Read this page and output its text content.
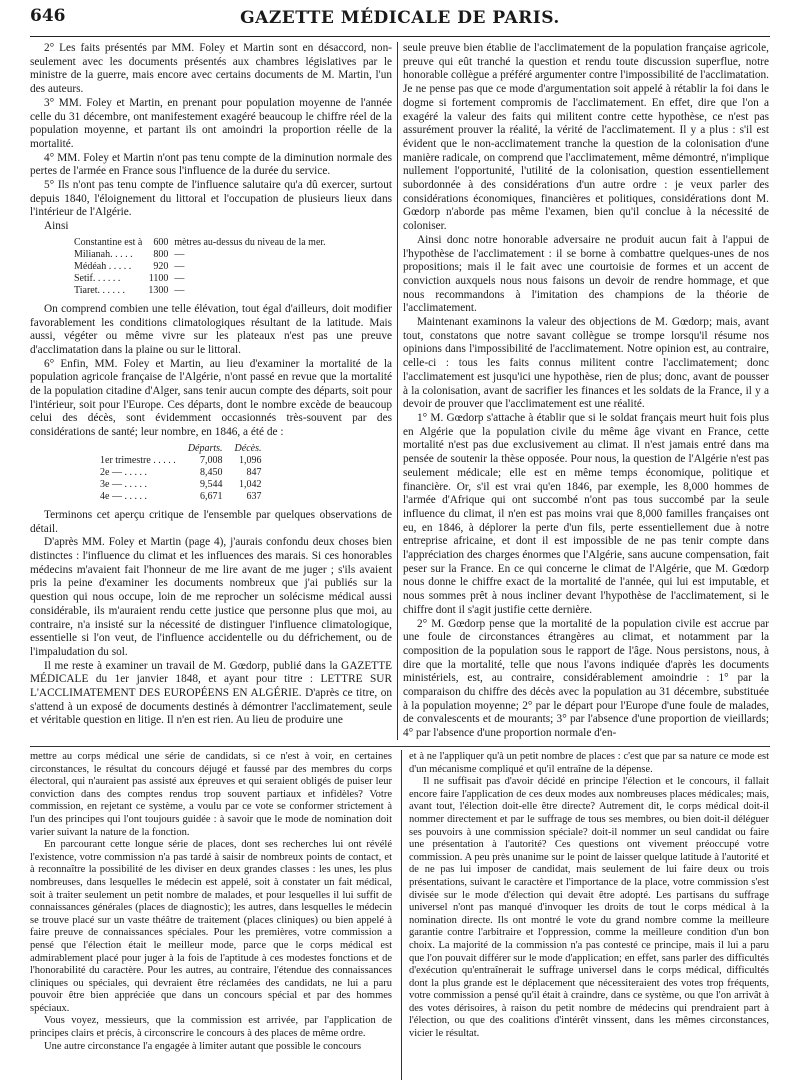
646	GAZETTE MÉDICALE DE PARIS.

2° Les faits présentés par MM. Foley et Martin sont en désaccord, non-seulement avec les documents présentés aux chambres législatives par le ministre de la guerre, mais encore avec certains documents de M. Martin, l'un des auteurs.

3° MM. Foley et Martin, en prenant pour population moyenne de l'année celle du 31 décembre, ont manifestement exagéré beaucoup le chiffre réel de la population moyenne, et partant ils ont amoindri la proportion réelle de la mortalité.

4° MM. Foley et Martin n'ont pas tenu compte de la diminution normale des pertes de l'armée en France sous l'influence de la durée du service.

5° Ils n'ont pas tenu compte de l'influence salutaire qu'a dû exercer, surtout depuis 1840, l'éloignement du littoral et l'occupation de plusieurs lieux dans l'intérieur de l'Algérie.

Ainsi

Constantine est à	600	mètres au-dessus du niveau de la mer.
Milianah. . . . .	800	—
Médéah . . . . .	920	—
Setif. . . . . .	1100	—
Tiaret. . . . . .	1300	—

On comprend combien une telle élévation, tout égal d'ailleurs, doit modifier favorablement les conditions climatologiques résultant de la latitude. Mais aussi, végéter ou même vivre sur les plateaux n'est pas une preuve d'acclimatation dans la plaine ou sur le littoral.

6° Enfin, MM. Foley et Martin, au lieu d'examiner la mortalité de la population agricole française de l'Algérie, n'ont passé en revue que la mortalité de la population citadine d'Alger, sans tenir aucun compte des départs, soit pour l'intérieur, soit pour l'Europe. Ces départs, dont le nombre excède de beaucoup celui des décès, sont évidemment occasionnés très-souvent par des considérations de santé; leur nombre, en 1846, a été de :

	Départs.	Décès.
1er trimestre . . . . .	7,008	1,096
2e — . . . . .	8,450	847
3e — . . . . .	9,544	1,042
4e — . . . . .	6,671	637

Terminons cet aperçu critique de l'ensemble par quelques observations de détail.

D'après MM. Foley et Martin (page 4), j'aurais confondu deux choses bien distinctes : l'influence du climat et les influences des marais. Si ces honorables médecins m'avaient fait l'honneur de me lire avant de me juger ; s'ils avaient pris la peine d'examiner les documents nombreux que j'ai publiés sur la question qui nous occupe, loin de me reprocher un solécisme médical aussi considérable, ils m'auraient rendu cette justice que personne plus que moi, au contraire, n'a insisté sur la nécessité de distinguer l'influence climatologique, essentielle si l'on veut, de l'influence accidentelle ou du défrichement, ou de l'impaludation du sol.

Il me reste à examiner un travail de M. Gœdorp, publié dans la GAZETTE MÉDICALE du 1er janvier 1848, et ayant pour titre : LETTRE SUR L'ACCLIMATEMENT DES EUROPÉENS EN ALGÉRIE. D'après ce titre, on s'attend à un exposé de documents destinés à démontrer l'acclimatement, seule et véritable question en litige. Il n'en est rien. Au lieu de produire une

seule preuve bien établie de l'acclimatement de la population française agricole, preuve qui eût tranché la question et rendu toute discussion superflue, notre honorable collègue a préféré argumenter contre l'impossibilité de l'acclimatation. Je ne pense pas que ce mode d'argumentation soit appelé à rétablir la foi dans le dogme si fortement compromis de l'acclimatement. En effet, dire que l'on a exagéré la valeur des faits qui militent contre cette hypothèse, ce n'est pas assurément prouver la réalité, la vérité de l'acclimatement. Il y a plus : s'il est évident que le non-acclimatement tranche la question de la colonisation d'une manière radicale, on comprend que l'acclimatement, même démontré, n'implique nullement l'opportunité, l'utilité de la colonisation, question essentiellement subordonnée à des considérations d'un autre ordre : je veux parler des considérations économiques, financières et politiques, considérations dont M. Gœdorp n'aborde pas même l'examen, bien qu'il conclue à la nécessité de coloniser.

Ainsi donc notre honorable adversaire ne produit aucun fait à l'appui de l'hypothèse de l'acclimatement : il se borne à combattre quelques-unes de nos propositions; mais il le fait avec une courtoisie de formes et un accent de conviction auxquels nous nous faisons un devoir de rendre hommage, et que nous recommandons à l'imitation des champions de la théorie de l'acclimatement.

Maintenant examinons la valeur des objections de M. Gœdorp; mais, avant tout, constatons que notre savant collègue se trompe lorsqu'il résume nos opinions dans l'impossibilité de l'acclimatement. Notre opinion est, au contraire, celle-ci : tous les faits connus militent contre l'acclimatement; donc l'acclimatement est jusqu'ici une hypothèse, rien de plus; donc, avant de pousser à la colonisation, avant de sacrifier les finances et les soldats de la France, il y a devoir de prouver que l'acclimatement est une réalité.

1° M. Gœdorp s'attache à établir que si le soldat français meurt huit fois plus en Algérie que la population civile du même âge vivant en France, cette mortalité n'est pas due exclusivement au climat. Il n'est jamais entré dans ma pensée de soutenir la thèse opposée. Pour nous, la question de l'Algérie n'est pas seulement médicale; elle est en même temps économique, politique et financière. Or, s'il est vrai qu'en 1846, par exemple, les 8,000 hommes de l'armée d'Afrique qui ont succombé n'ont pas tous succombé par la seule influence du climat, il n'en est pas moins vrai que 8,000 familles françaises ont eu, en 1846, à déplorer la perte d'un fils, perte essentiellement due à notre entreprise africaine, et dont il est impossible de ne pas tenir compte dans l'appréciation des charges énormes que l'Algérie, sans aucune compensation, fait peser sur la France. En ce qui concerne le climat de l'Algérie, que M. Gœdorp nous donne le chiffre exact de la mortalité de l'année, qui lui est imputable, et nous sommes prêt à nous incliner devant l'hypothèse de l'acclimatement, si le chiffre dont il s'agit justifie cette dernière.

2° M. Gœdorp pense que la mortalité de la population civile est accrue par une foule de circonstances étrangères au climat, et notamment par la composition de la population sous le rapport de l'âge. Nous persistons, nous, à dire que la mortalité, telle que nous l'avons indiquée d'après les documents ministériels, est, au contraire, considérablement amoindrie : 1° par la comparaison du chiffre des décès avec la population au 31 décembre, substituée à la population moyenne; 2° par le départ pour l'Europe d'une foule de malades, de convalescents et de mourants; 3° par l'absence d'une proportion de vieillards; 4° par l'absence d'une proportion normale d'en-

mettre au corps médical une série de candidats, si ce n'est à voir, en certaines circonstances, le résultat du concours déjugé et faussé par des membres du corps électoral, qui n'auraient pas assisté aux épreuves et qui seraient obligés de puiser leur conviction dans des comptes rendus trop souvent partiaux et infidèles? Votre commission, en rejetant ce système, a voulu par ce vote se conformer strictement à l'un des principes qui l'ont toujours guidée : à savoir que le mode de nomination doit varier suivant la nature de la fonction.

En parcourant cette longue série de places, dont ses recherches lui ont révélé l'existence, votre commission n'a pas tardé à saisir de nombreux points de contact, et à reconnaître la possibilité de les diviser en deux grandes classes : les unes, les plus nombreuses, dans lesquelles le médecin est appelé, soit à constater un fait médical, soit à traiter seulement un petit nombre de malades, et pour lesquelles il lui suffit de connaissances générales (places de diagnostic); les autres, dans lesquelles le médecin se trouve placé sur un vaste théâtre de traitement (places cliniques) ou bien appelé à faire preuve de connaissances spéciales. Pour les premières, votre commission a pensé que l'élection était le meilleur mode, parce que le corps médical est admirablement placé pour juger à la fois de l'aptitude à ces modestes fonctions et de l'honorabilité du caractère. Pour les autres, au contraire, l'étendue des connaissances cliniques ou spéciales, qui devraient être réclamées des candidats, ne lui a paru pouvoir être bien appréciée que dans un concours spécial et par des hommes spéciaux.

Vous voyez, messieurs, que la commission est arrivée, par l'application de principes clairs et précis, à circonscrire le concours à des places de même ordre.

Une autre circonstance l'a engagée à limiter autant que possible le concours

et à ne l'appliquer qu'à un petit nombre de places : c'est que par sa nature ce mode est d'un mécanisme compliqué et qu'il entraîne de la dépense.

Il ne suffisait pas d'avoir décidé en principe l'élection et le concours, il fallait encore faire l'application de ces deux modes aux nombreuses places médicales; mais, avant tout, l'élection doit-elle être directe? Autrement dit, le corps médical doit-il nommer directement et par le suffrage de tous ses membres, ou bien doit-il déléguer ses pouvoirs à une commission spéciale? doit-il nommer un seul candidat ou faire une présentation à l'autorité? Ces questions ont vivement préoccupé votre commission. A peu près unanime sur le point de laisser quelque latitude à l'autorité et de ne pas lui imposer de candidat, mais seulement de lui faire deux ou trois présentations, suivant le caractère et l'importance de la place, votre commission s'est divisée sur le mode d'élection qui devait être adopté. Les partisans du suffrage universel n'ont pas manqué d'invoquer les droits de tout le corps médical à la nomination directe. Ils ont montré le vote du grand nombre comme la meilleure garantie contre l'arbitraire et l'oppression, comme la meilleure condition d'un bon choix. La majorité de la commission n'a pas contesté ce principe, mais il lui a paru que l'on pouvait différer sur le mode d'application; en effet, sans parler des difficultés d'exécution qu'entraînerait le suffrage universel dans le corps médical, difficultés dont la plus grande est le déplacement que nécessiteraient des votes trop fréquents, votre commission a pensé qu'il était à craindre, dans ce système, ou que l'on arrivât à des votes dérisoires, à raison du petit nombre de médecins qui prendraient part à l'élection, ou que des coalitions d'intérêt vinssent, dans les mêmes circonstances, vicier le résultat.
